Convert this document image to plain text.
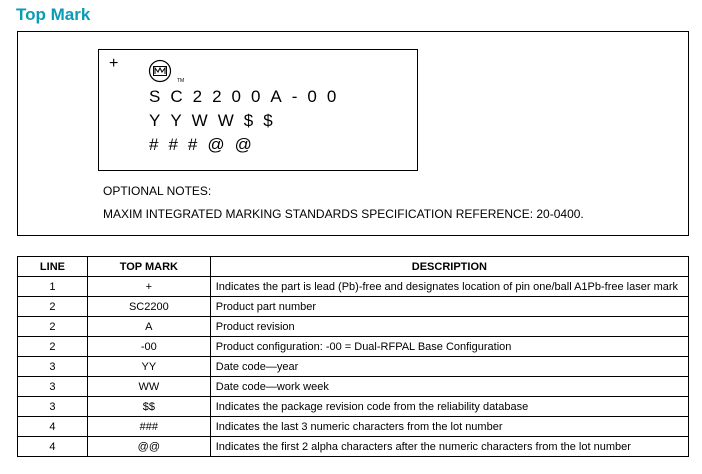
Top Mark
+
TM
SC2200A-00
YYWW$$
###@@
OPTIONAL NOTES:
MAXIM INTEGRATED MARKING STANDARDS SPECIFICATION REFERENCE: 20-0400.
LINE	TOP MARK	DESCRIPTION
1	+	Indicates the part is lead (Pb)-free and designates location of pin one/ball A1Pb-free laser mark
2	SC2200	Product part number
2	A	Product revision
2	-00	Product configuration: -00 = Dual-RFPAL Base Configuration
3	YY	Date code—year
3	WW	Date code—work week
3	$$	Indicates the package revision code from the reliability database
4	###	Indicates the last 3 numeric characters from the lot number
4	@@	Indicates the first 2 alpha characters after the numeric characters from the lot number
